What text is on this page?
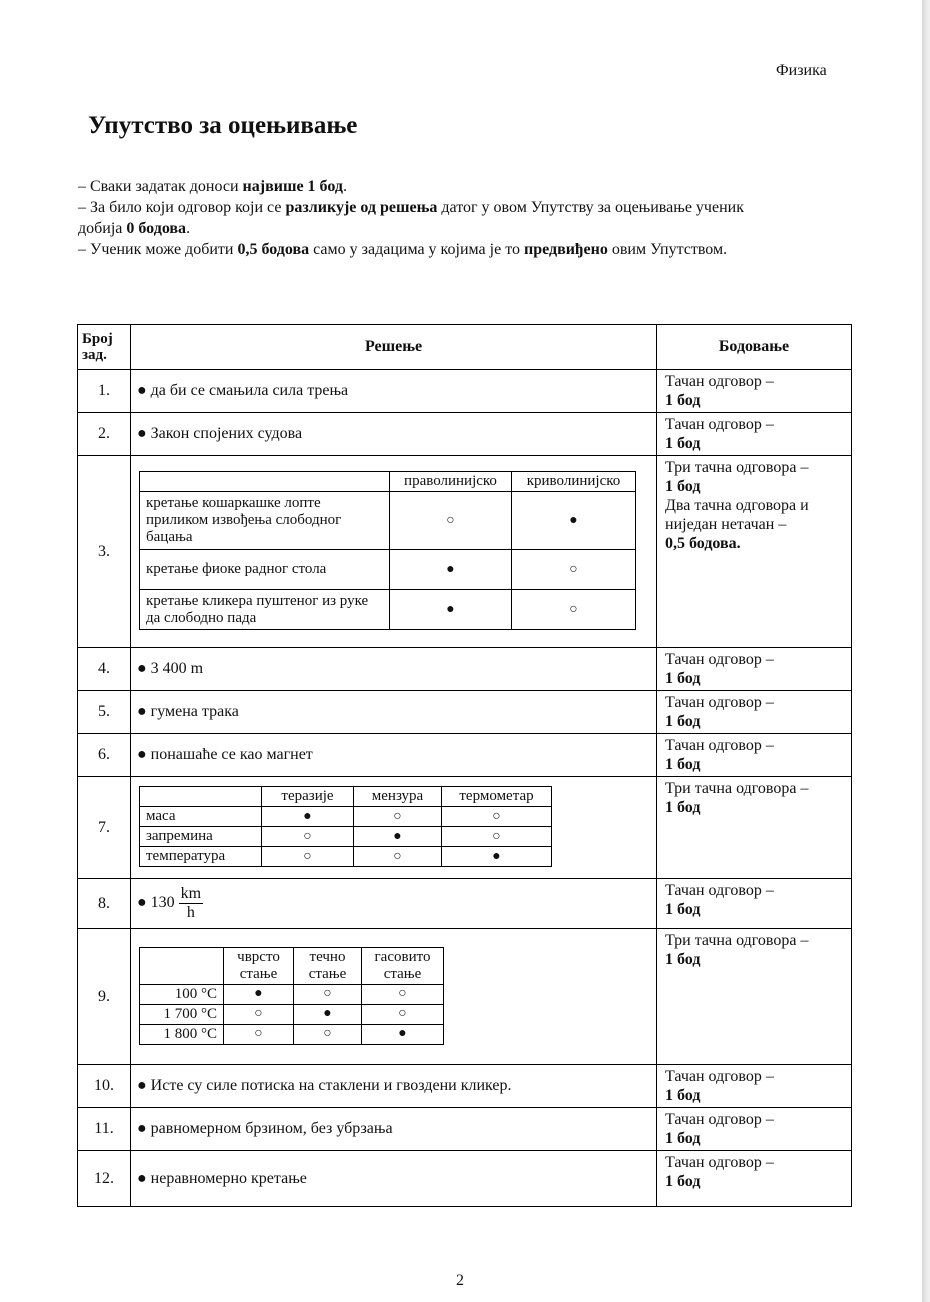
Физика
Упутство за оцењивање

– Сваки задатак доноси највише 1 бод.

– За било који одговор који се разликује од решења датог у овом Упутству за оцењивање ученик добија 0 бодова.

– Ученик може добити 0,5 бодова само у задацима у којима је то предвиђено овим Упутством.

Број зад.	Решење	Бодовање
1.	● да би се смањила сила трења	Тачан одговор –
1 бод
2.	● Закон спојених судова	Тачан одговор –
1 бод
3.	
	праволинијско	криволинијско
кретање кошаркашке лопте приликом извођења слободног бацања	○	●
кретање фиоке радног стола	●	○
кретање кликера пуштеног из руке да слободно пада	●	○
	Три тачна одговора –
1 бод
Два тачна одговора и ниједан нетачан –
0,5 бодова.
4.	● 3 400 m	Тачан одговор –
1 бод
5.	● гумена трака	Тачан одговор –
1 бод
6.	● понашаће се као магнет	Тачан одговор –
1 бод
7.	
	теразије	мензура	термометар
маса	●	○	○
запремина	○	●	○
температура	○	○	●
	Три тачна одговора –
1 бод
8.	● $130 \frac{km}{h}$	Тачан одговор –
1 бод
9.	
	чврсто стање	течно стање	гасовито стање
100 °C	●	○	○
1 700 °C	○	●	○
1 800 °C	○	○	●
	Три тачна одговора –
1 бод
10.	● Исте су силе потиска на стаклени и гвоздени кликер.	Тачан одговор –
1 бод
11.	● равномерном брзином, без убрзања	Тачан одговор –
1 бод
12.	● неравномерно кретање	Тачан одговор –
1 бод
2
